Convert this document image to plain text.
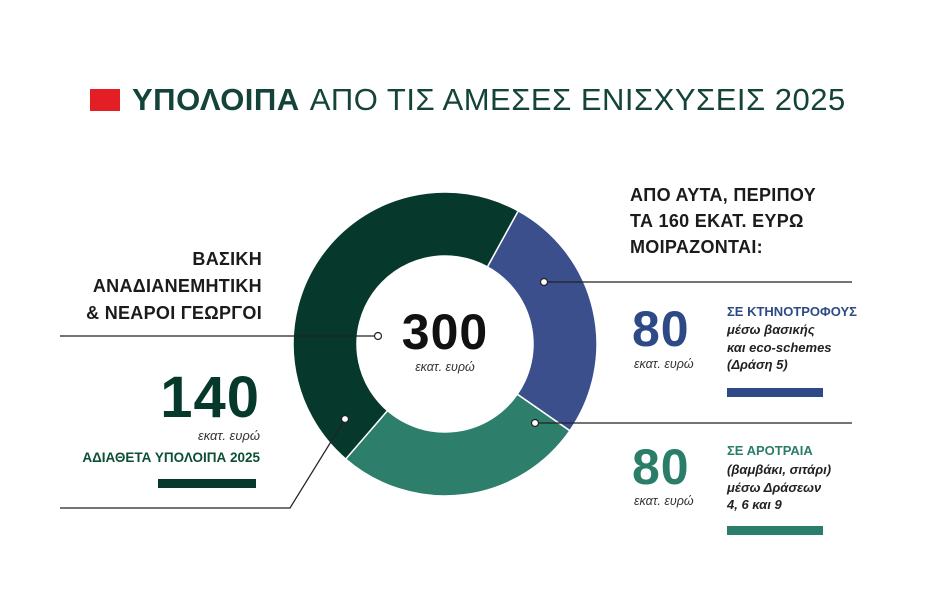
ΥΠΟΛΟΙΠΑ ΑΠΟ ΤΙΣ ΑΜΕΣΕΣ ΕΝΙΣΧΥΣΕΙΣ 2025
ΒΑΣΙΚΗ
ΑΝΑΔΙΑΝΕΜΗΤΙΚΗ
& ΝΕΑΡΟΙ ΓΕΩΡΓΟΙ
140
εκατ. ευρώ
ΑΔΙΑΘΕΤΑ ΥΠΟΛΟΙΠΑ 2025
300
εκατ. ευρώ
ΑΠΟ ΑΥΤΑ, ΠΕΡΙΠΟΥ
ΤΑ 160 ΕΚΑΤ. ΕΥΡΩ
ΜΟΙΡΑΖΟΝΤΑΙ:
80
εκατ. ευρώ
ΣΕ ΚΤΗΝΟΤΡΟΦΟΥΣ
μέσω βασικής
και eco-schemes
(Δράση 5)
80
εκατ. ευρώ
ΣΕ ΑΡΟΤΡΑΙΑ
(βαμβάκι, σιτάρι)
μέσω Δράσεων
4, 6 και 9
